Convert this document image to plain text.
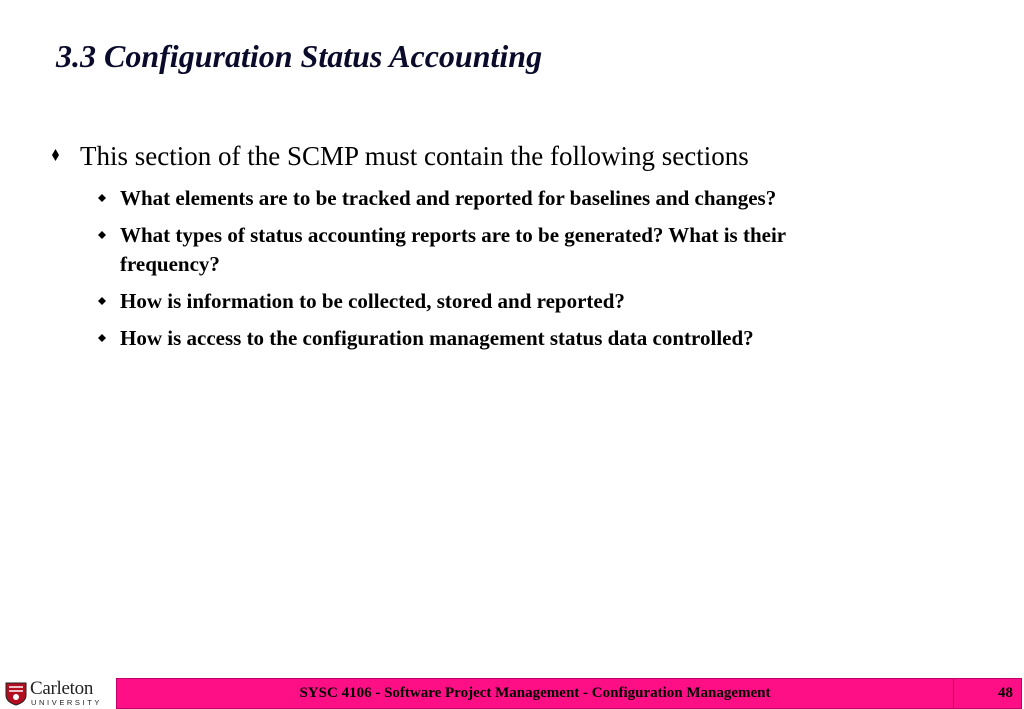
3.3 Configuration Status Accounting
This section of the SCMP must contain the following sections
What elements are to be tracked and reported for baselines and changes?
What types of status accounting reports are to be generated? What is their frequency?
How is information to be collected, stored and reported?
How is access to the configuration management status data controlled?
Carleton
UNIVERSITY
SYSC 4106 - Software Project Management - Configuration Management	48
